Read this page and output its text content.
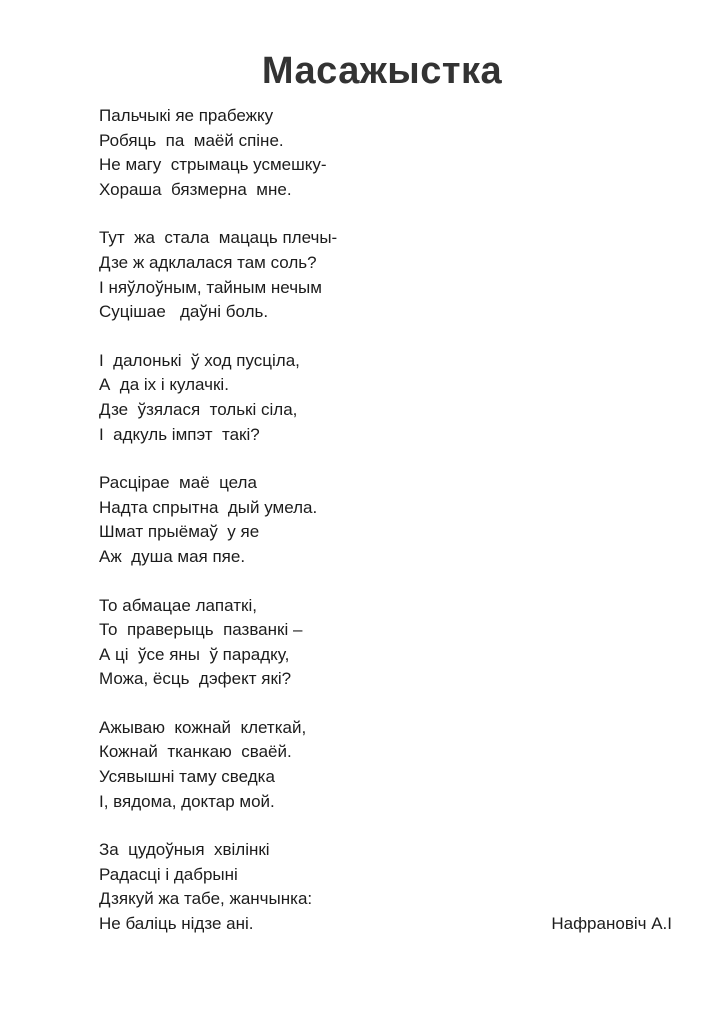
Масажыстка
Пальчыкі яе прабежку
Робяць  па  маёй спіне.
Не магу  стрымаць усмешку-
Хораша  бязмерна  мне.
Тут  жа  стала  мацаць плечы-
Дзе ж адклалася там соль?
І няўлоўным, тайным нечым
Суцішае   даўні боль.
І  далонькі  ў ход пусціла,
А  да іх і кулачкі.
Дзе  ўзялася  толькі сіла,
І  адкуль імпэт  такі?
Расцірае  маё  цела
Надта спрытна  дый умела.
Шмат прыёмаў  у яе
Аж  душа мая пяе.
То абмацае лапаткі,
То  праверыць  пазванкі –
А ці  ўсе яны  ў парадку,
Можа, ёсць  дэфект які?
Ажываю  кожнай  клеткай,
Кожнай  тканкаю  сваёй.
Усявышні таму сведка
І, вядома, доктар мой.
За  цудоўныя  хвілінкі
Радасці і дабрыні
Дзякуй жа табе, жанчынка:
Не баліць нідзе ані.	Нафрановіч А.І
